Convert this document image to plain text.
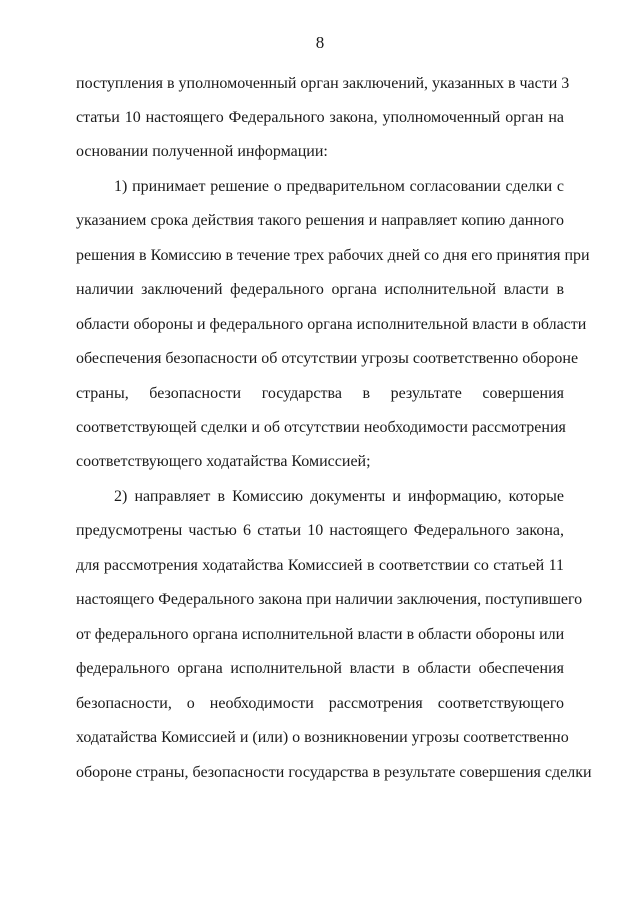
8
поступления в уполномоченный орган заключений, указанных в части 3
статьи 10 настоящего Федерального закона, уполномоченный орган на
основании полученной информации:
1) принимает решение о предварительном согласовании сделки с
указанием срока действия такого решения и направляет копию данного
решения в Комиссию в течение трех рабочих дней со дня его принятия при
наличии заключений федерального органа исполнительной власти в
области обороны и федерального органа исполнительной власти в области
обеспечения безопасности об отсутствии угрозы соответственно обороне
страны, безопасности государства в результате совершения
соответствующей сделки и об отсутствии необходимости рассмотрения
соответствующего ходатайства Комиссией;
2) направляет в Комиссию документы и информацию, которые
предусмотрены частью 6 статьи 10 настоящего Федерального закона,
для рассмотрения ходатайства Комиссией в соответствии со статьей 11
настоящего Федерального закона при наличии заключения, поступившего
от федерального органа исполнительной власти в области обороны или
федерального органа исполнительной власти в области обеспечения
безопасности, о необходимости рассмотрения соответствующего
ходатайства Комиссией и (или) о возникновении угрозы соответственно
обороне страны, безопасности государства в результате совершения сделки
